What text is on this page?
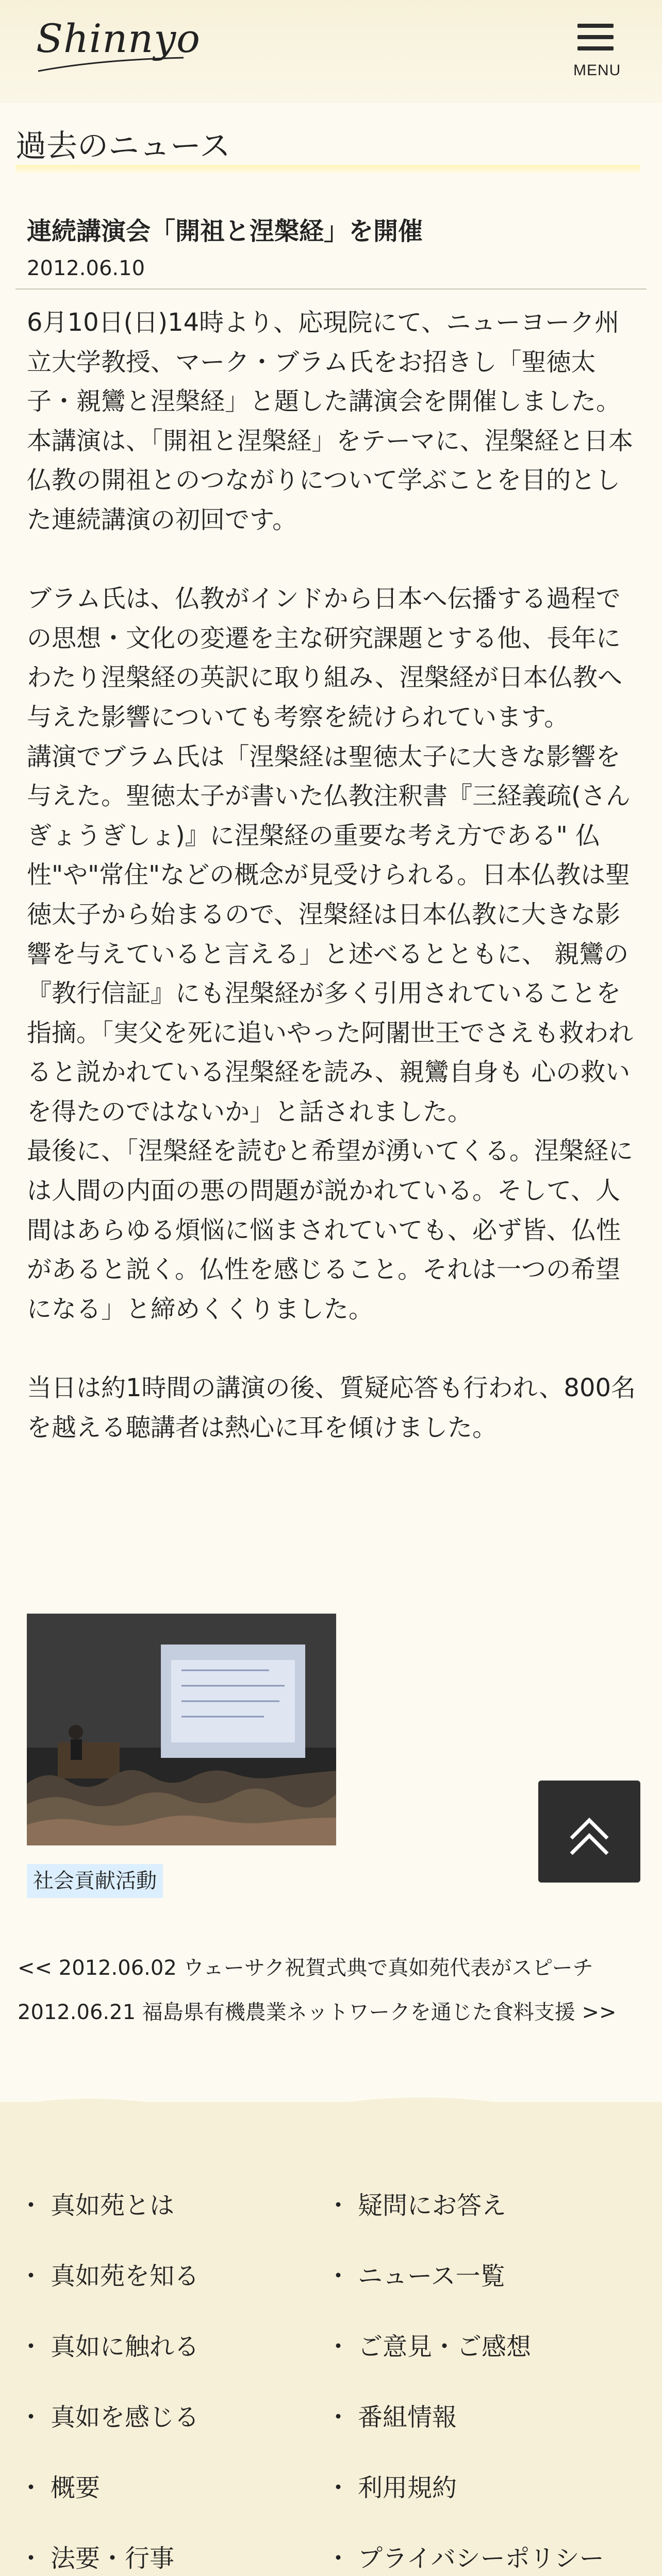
Shinnyo
MENU
過去のニュース
連続講演会「開祖と涅槃経」を開催
2012.06.10
6月10日(日)14時より、応現院にて、ニューヨーク州立大学教授、マーク・ブラム氏をお招きし「聖徳太子・親鸞と涅槃経」と題した講演会を開催しました。
本講演は、「開祖と涅槃経」をテーマに、涅槃経と日本仏教の開祖とのつながりについて学ぶことを目的とした連続講演の初回です。
ブラム氏は、仏教がインドから日本へ伝播する過程での思想・文化の変遷を主な研究課題とする他、長年にわたり涅槃経の英訳に取り組み、涅槃経が日本仏教へ与えた影響についても考察を続けられています。
講演でブラム氏は「涅槃経は聖徳太子に大きな影響を与えた。聖徳太子が書いた仏教注釈書『三経義疏(さんぎょうぎしょ)』に涅槃経の重要な考え方である" 仏性"や"常住"などの概念が見受けられる。日本仏教は聖徳太子から始まるので、涅槃経は日本仏教に大きな影響を与えていると言える」と述べるとともに、 親鸞の『教行信証』にも涅槃経が多く引用されていることを指摘。「実父を死に追いやった阿闍世王でさえも救われると説かれている涅槃経を読み、親鸞自身も 心の救いを得たのではないか」と話されました。
最後に、「涅槃経を読むと希望が湧いてくる。涅槃経には人間の内面の悪の問題が説かれている。そして、人間はあらゆる煩悩に悩まされていても、必ず皆、仏性があると説く。仏性を感じること。それは一つの希望になる」と締めくくりました。
当日は約1時間の講演の後、質疑応答も行われ、800名を越える聴講者は熱心に耳を傾けました。
社会貢献活動
<< 2012.06.02 ウェーサク祝賀式典で真如苑代表がスピーチ
2012.06.21 福島県有機農業ネットワークを通じた食料支援 >>
・ 真如苑とは
・ 真如苑を知る
・ 真如に触れる
・ 真如を感じる
・ 概要
・ 法要・行事
・ 疑問にお答え
・ ニュース一覧
・ ご意見・ご感想
・ 番組情報
・ 利用規約
・ プライバシーポリシー
